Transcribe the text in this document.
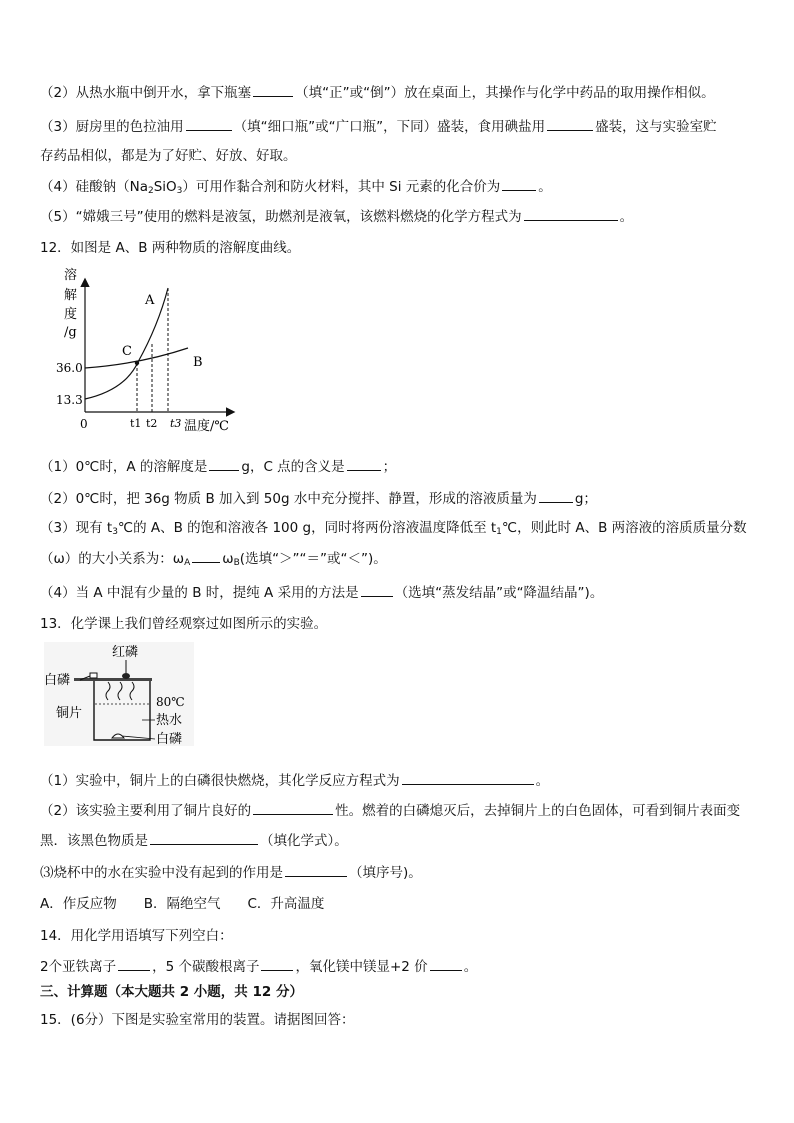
（2）从热水瓶中倒开水，拿下瓶塞	（填“正”或“倒”）放在桌面上，其操作与化学中药品的取用操作相似。
（3）厨房里的色拉油用	（填“细口瓶”或“广口瓶”，下同）盛装，食用碘盐用	盛装，这与实验室贮
存药品相似，都是为了好贮、好放、好取。
（4）硅酸钠$(Na_2SiO_3)$可用作黏合剂和防火材料，其中 Si 元素的化合价为	。
（5）“嫦娥三号”使用的燃料是液氢，助燃剂是液氧，该燃料燃烧的化学方程式为	。
12．如图是 A、B 两种物质的溶解度曲线。
溶
解
度
/g
36.0
13.3
0
B
A
C
t1 t2 t3 温度/℃
（1）0℃时，A 的溶解度是	g，C 点的含义是	；
（2）0℃时，把 36g 物质 B 加入到 50g 水中充分搅拌、静置，形成的溶液质量为	g；
（3）现有 $t_3℃$的 A、B 的饱和溶液各 100 g，同时将两份溶液温度降低至 $t_1℃$，则此时 A、B 两溶液的溶质质量分数
（ω）的大小关系为：$\omega_A$ $\omega_B$(选填“＞”“＝”或“＜”)。
（4）当 A 中混有少量的 B 时，提纯 A 采用的方法是	（选填“蒸发结晶”或“降温结晶”)。
13．化学课上我们曾经观察过如图所示的实验。
红磷
白磷
铜片
80℃
热水
白磷
（1）实验中，铜片上的白磷很快燃烧，其化学反应方程式为	。
（2）该实验主要利用了铜片良好的	性。燃着的白磷熄灭后，去掉铜片上的白色固体，可看到铜片表面变
黑．该黑色物质是	（填化学式）。
⑶烧杯中的水在实验中没有起到的作用是	（填序号)。
A．作反应物　　B．隔绝空气　　C．升高温度
14．用化学用语填写下列空白：
2个亚铁离子	，5 个碳酸根离子	，氧化镁中镁显+2 价	。
三、计算题（本大题共 2 小题，共 12 分）
15．(6分）下图是实验室常用的装置。请据图回答：
